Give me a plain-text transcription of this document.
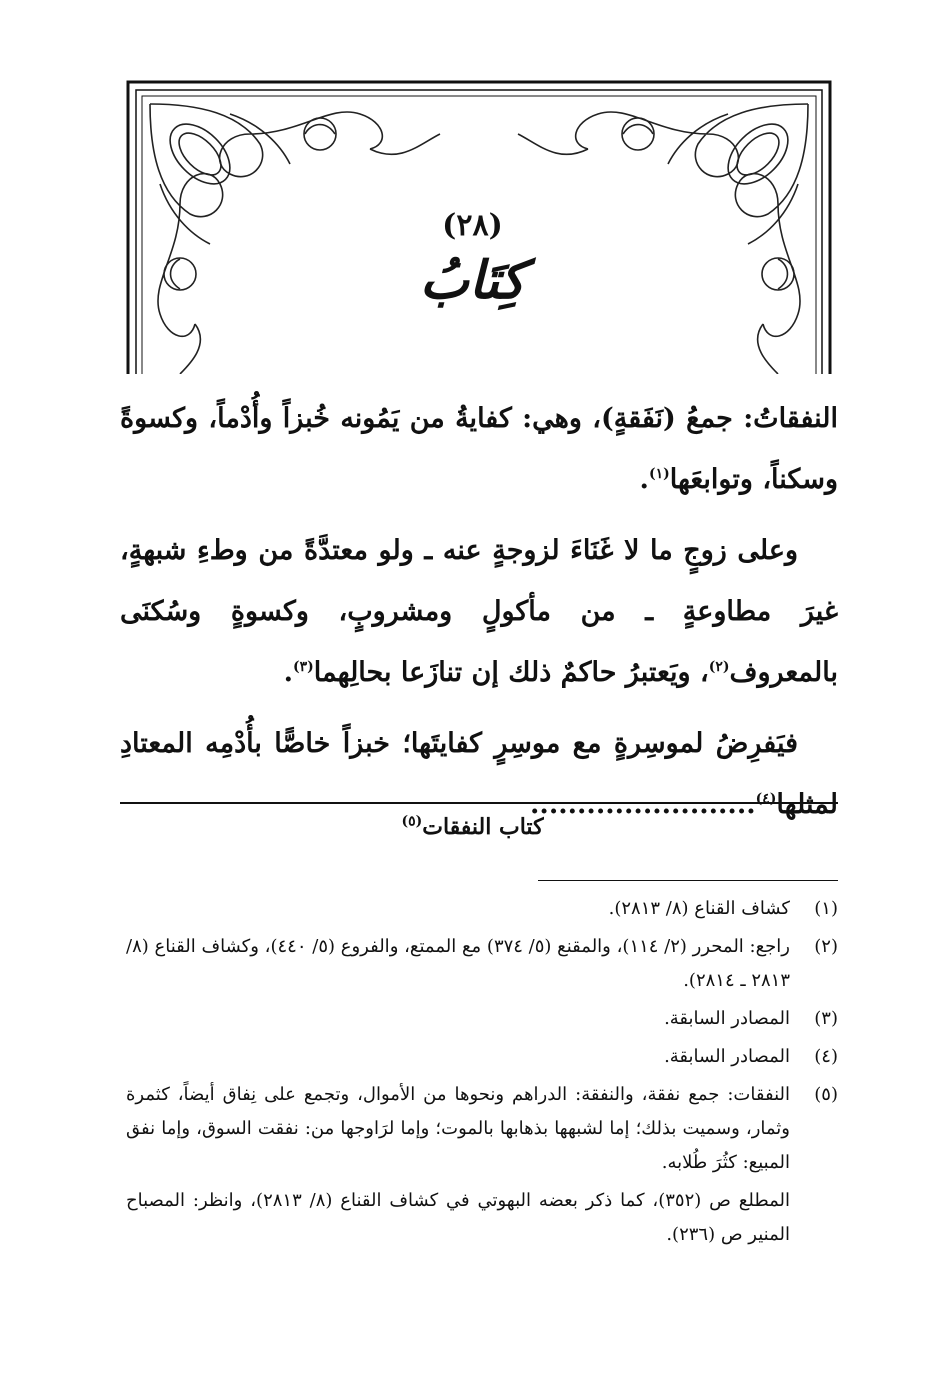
(٢٨)
كِتَابُ

النفقاتُ: جمعُ (نَفَقةٍ)، وهي: كفايةُ من يَمُونه خُبزاً وأُدْماً، وكسوةً وسكناً، وتوابعَها$^{(١)}$.

وعلى زوجٍ ما لا غَنَاءَ لزوجةٍ عنه ـ ولو معتدَّةً من وطءِ شبهةٍ، غيرَ مطاوعةٍ ـ من مأكولٍ ومشروبٍ، وكسوةٍ وسُكنَى بالمعروف$^{(٢)}$، ويَعتبرُ حاكمٌ ذلك إن تنازَعا بحالِهما$^{(٣)}$.

فيَفرِضُ لموسِرةٍ مع موسِرٍ كفايتَها؛ خبزاً خاصًّا بأُدْمِه المعتادِ لمثلها$^{(٤)}$........................

كتاب النفقات$^{(٥)}$
(١)
كشاف القناع (٨/ ٢٨١٣).
(٢)
راجع: المحرر (٢/ ١١٤)، والمقنع (٥/ ٣٧٤) مع الممتع، والفروع (٥/ ٤٤٠)، وكشاف القناع (٨/ ٢٨١٣ ـ ٢٨١٤).
(٣)
المصادر السابقة.
(٤)
المصادر السابقة.
(٥)
النفقات: جمع نفقة، والنفقة: الدراهم ونحوها من الأموال، وتجمع على نِفاق أيضاً، كثمرة وثمار، وسميت بذلك؛ إما لشبهها بذهابها بالموت؛ وإما لرَاوجها من: نفقت السوق، وإما نفق المبيع: كثُرَ طُلابه.
المطلع ص (٣٥٢)، كما ذكر بعضه البهوتي في كشاف القناع (٨/ ٢٨١٣)، وانظر: المصباح المنير ص (٢٣٦).
